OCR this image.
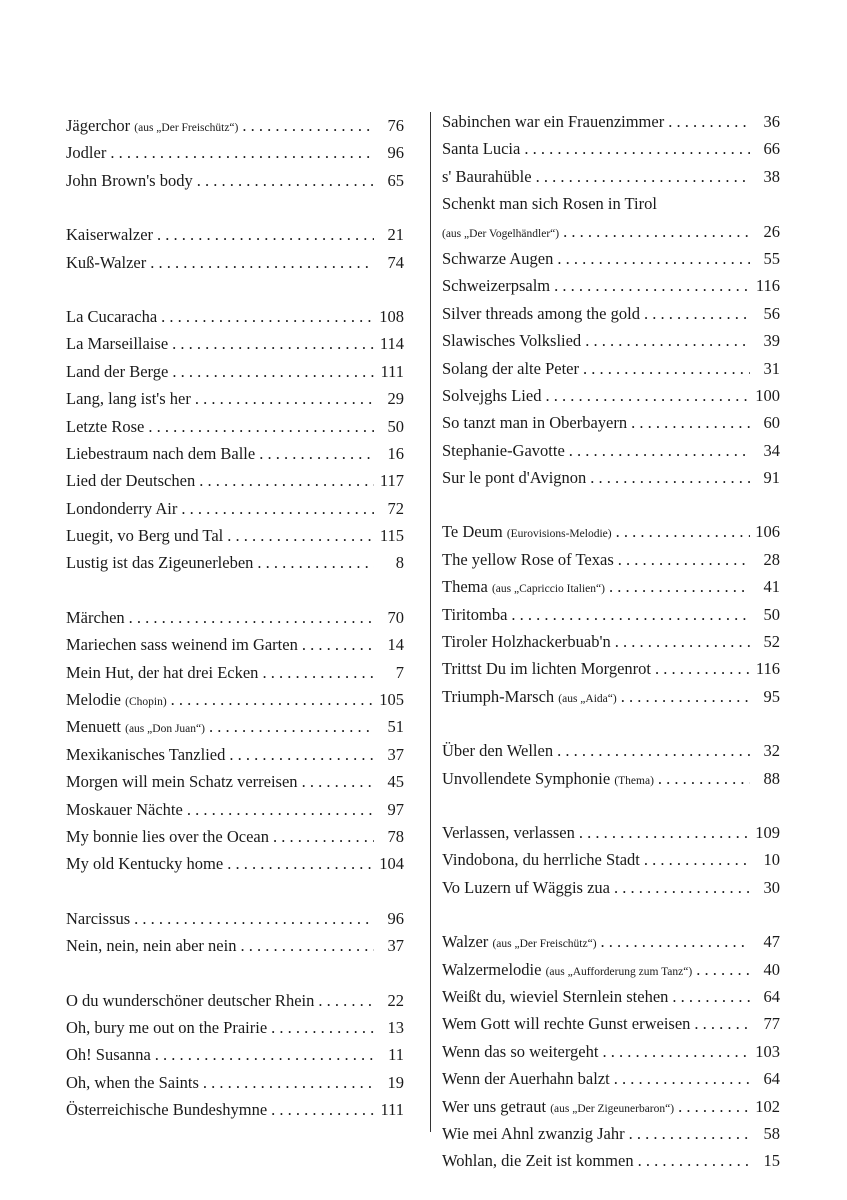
Jägerchor (aus „Der Freischütz“) . . .	76
Jodler . . .	96
John Brown's body . . .	65
Kaiserwalzer . . .	21
Kuß-Walzer . . .	74
La Cucaracha . . .	108
La Marseillaise . . .	114
Land der Berge . . .	111
Lang, lang ist's her . . .	29
Letzte Rose . . .	50
Liebestraum nach dem Balle . . .	16
Lied der Deutschen . . .	117
Londonderry Air . . .	72
Luegit, vo Berg und Tal . . .	115
Lustig ist das Zigeunerleben . . .	8
Märchen . . .	70
Mariechen sass weinend im Garten . . .	14
Mein Hut, der hat drei Ecken . . .	7
Melodie (Chopin) . . .	105
Menuett (aus „Don Juan“) . . .	51
Mexikanisches Tanzlied . . .	37
Morgen will mein Schatz verreisen . . .	45
Moskauer Nächte . . .	97
My bonnie lies over the Ocean . . .	78
My old Kentucky home . . .	104
Narcissus . . .	96
Nein, nein, nein aber nein . . .	37
O du wunderschöner deutscher Rhein . . .	22
Oh, bury me out on the Prairie . . .	13
Oh! Susanna . . .	11
Oh, when the Saints . . .	19
Österreichische Bundeshymne . . .	111
Sabinchen war ein Frauenzimmer . . .	36
Santa Lucia . . .	66
s' Baurahüble . . .	38
Schenkt man sich Rosen in Tirol
(aus „Der Vogelhändler“) . . .	26
Schwarze Augen . . .	55
Schweizerpsalm . . .	116
Silver threads among the gold . . .	56
Slawisches Volkslied . . .	39
Solang der alte Peter . . .	31
Solvejghs Lied . . .	100
So tanzt man in Oberbayern . . .	60
Stephanie-Gavotte . . .	34
Sur le pont d'Avignon . . .	91
Te Deum (Eurovisions-Melodie) . . .	106
The yellow Rose of Texas . . .	28
Thema (aus „Capriccio Italien“) . . .	41
Tiritomba . . .	50
Tiroler Holzhackerbuab'n . . .	52
Trittst Du im lichten Morgenrot . . .	116
Triumph-Marsch (aus „Aida“) . . .	95
Über den Wellen . . .	32
Unvollendete Symphonie (Thema) . . .	88
Verlassen, verlassen . . .	109
Vindobona, du herrliche Stadt . . .	10
Vo Luzern uf Wäggis zua . . .	30
Walzer (aus „Der Freischütz“) . . .	47
Walzermelodie (aus „Aufforderung zum Tanz“) . . .	40
Weißt du, wieviel Sternlein stehen . . .	64
Wem Gott will rechte Gunst erweisen . . .	77
Wenn das so weitergeht . . .	103
Wenn der Auerhahn balzt . . .	64
Wer uns getraut (aus „Der Zigeunerbaron“) . . .	102
Wie mei Ahnl zwanzig Jahr . . .	58
Wohlan, die Zeit ist kommen . . .	15
